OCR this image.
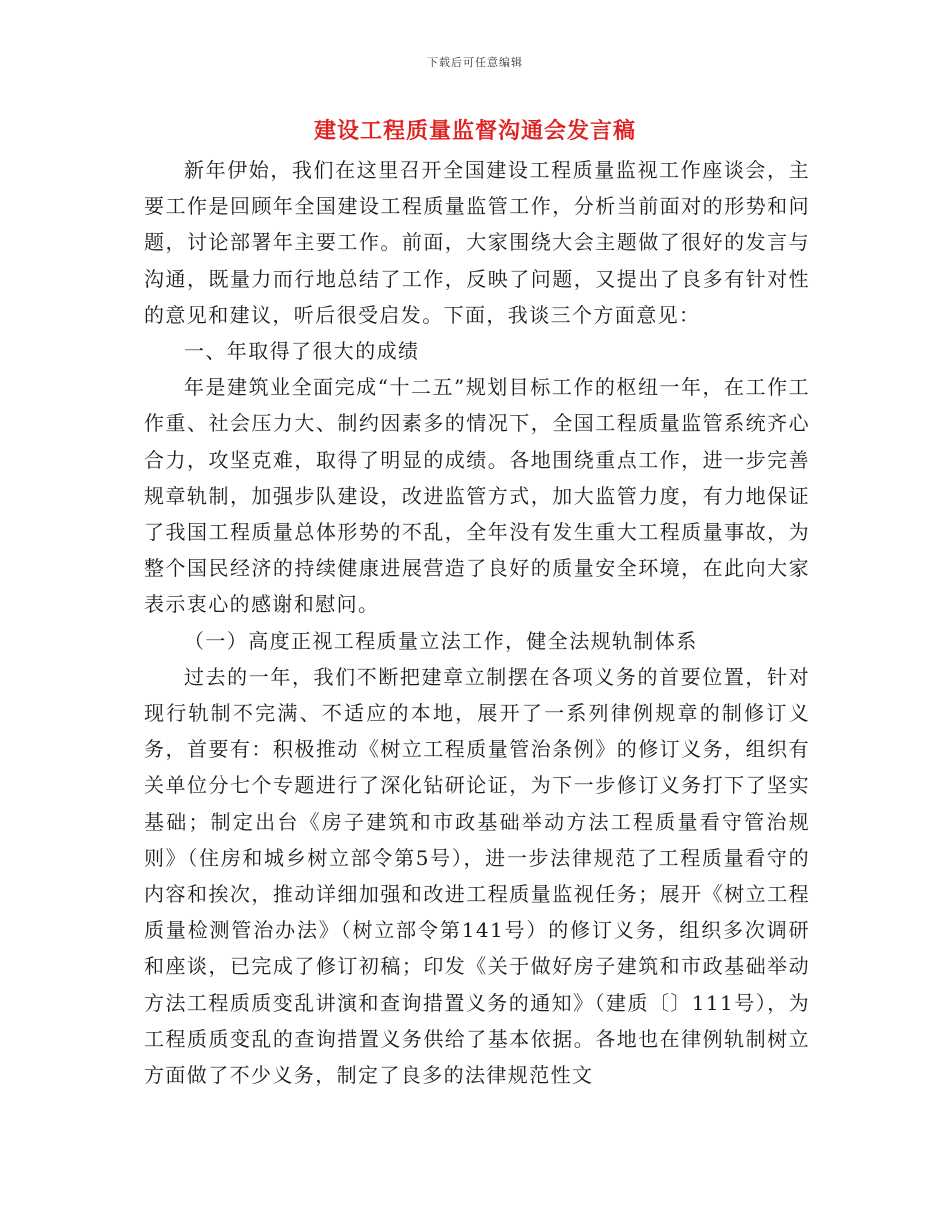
下载后可任意编辑
建设工程质量监督沟通会发言稿

新年伊始，我们在这里召开全国建设工程质量监视工作座谈会，主要工作是回顾年全国建设工程质量监管工作，分析当前面对的形势和问题，讨论部署年主要工作。前面，大家围绕大会主题做了很好的发言与沟通，既量力而行地总结了工作，反映了问题，又提出了良多有针对性的意见和建议，听后很受启发。下面，我谈三个方面意见：

一、年取得了很大的成绩

年是建筑业全面完成“十二五”规划目标工作的枢纽一年，在工作工作重、社会压力大、制约因素多的情况下，全国工程质量监管系统齐心合力，攻坚克难，取得了明显的成绩。各地围绕重点工作，进一步完善规章轨制，加强步队建设，改进监管方式，加大监管力度，有力地保证了我国工程质量总体形势的不乱，全年没有发生重大工程质量事故，为整个国民经济的持续健康进展营造了良好的质量安全环境，在此向大家表示衷心的感谢和慰问。

（一）高度正视工程质量立法工作，健全法规轨制体系

过去的一年，我们不断把建章立制摆在各项义务的首要位置，针对现行轨制不完满、不适应的本地，展开了一系列律例规章的制修订义务，首要有：积极推动《树立工程质量管治条例》的修订义务，组织有关单位分七个专题进行了深化钻研论证，为下一步修订义务打下了坚实基础；制定出台《房子建筑和市政基础举动方法工程质量看守管治规则》（住房和城乡树立部令第5号），进一步法律规范了工程质量看守的内容和挨次，推动详细加强和改进工程质量监视任务；展开《树立工程质量检测管治办法》（树立部令第141号）的修订义务，组织多次调研和座谈，已完成了修订初稿；印发《关于做好房子建筑和市政基础举动方法工程质质变乱讲演和查询措置义务的通知》（建质〔〕111号），为工程质质变乱的查询措置义务供给了基本依据。各地也在律例轨制树立方面做了不少义务，制定了良多的法律规范性文
